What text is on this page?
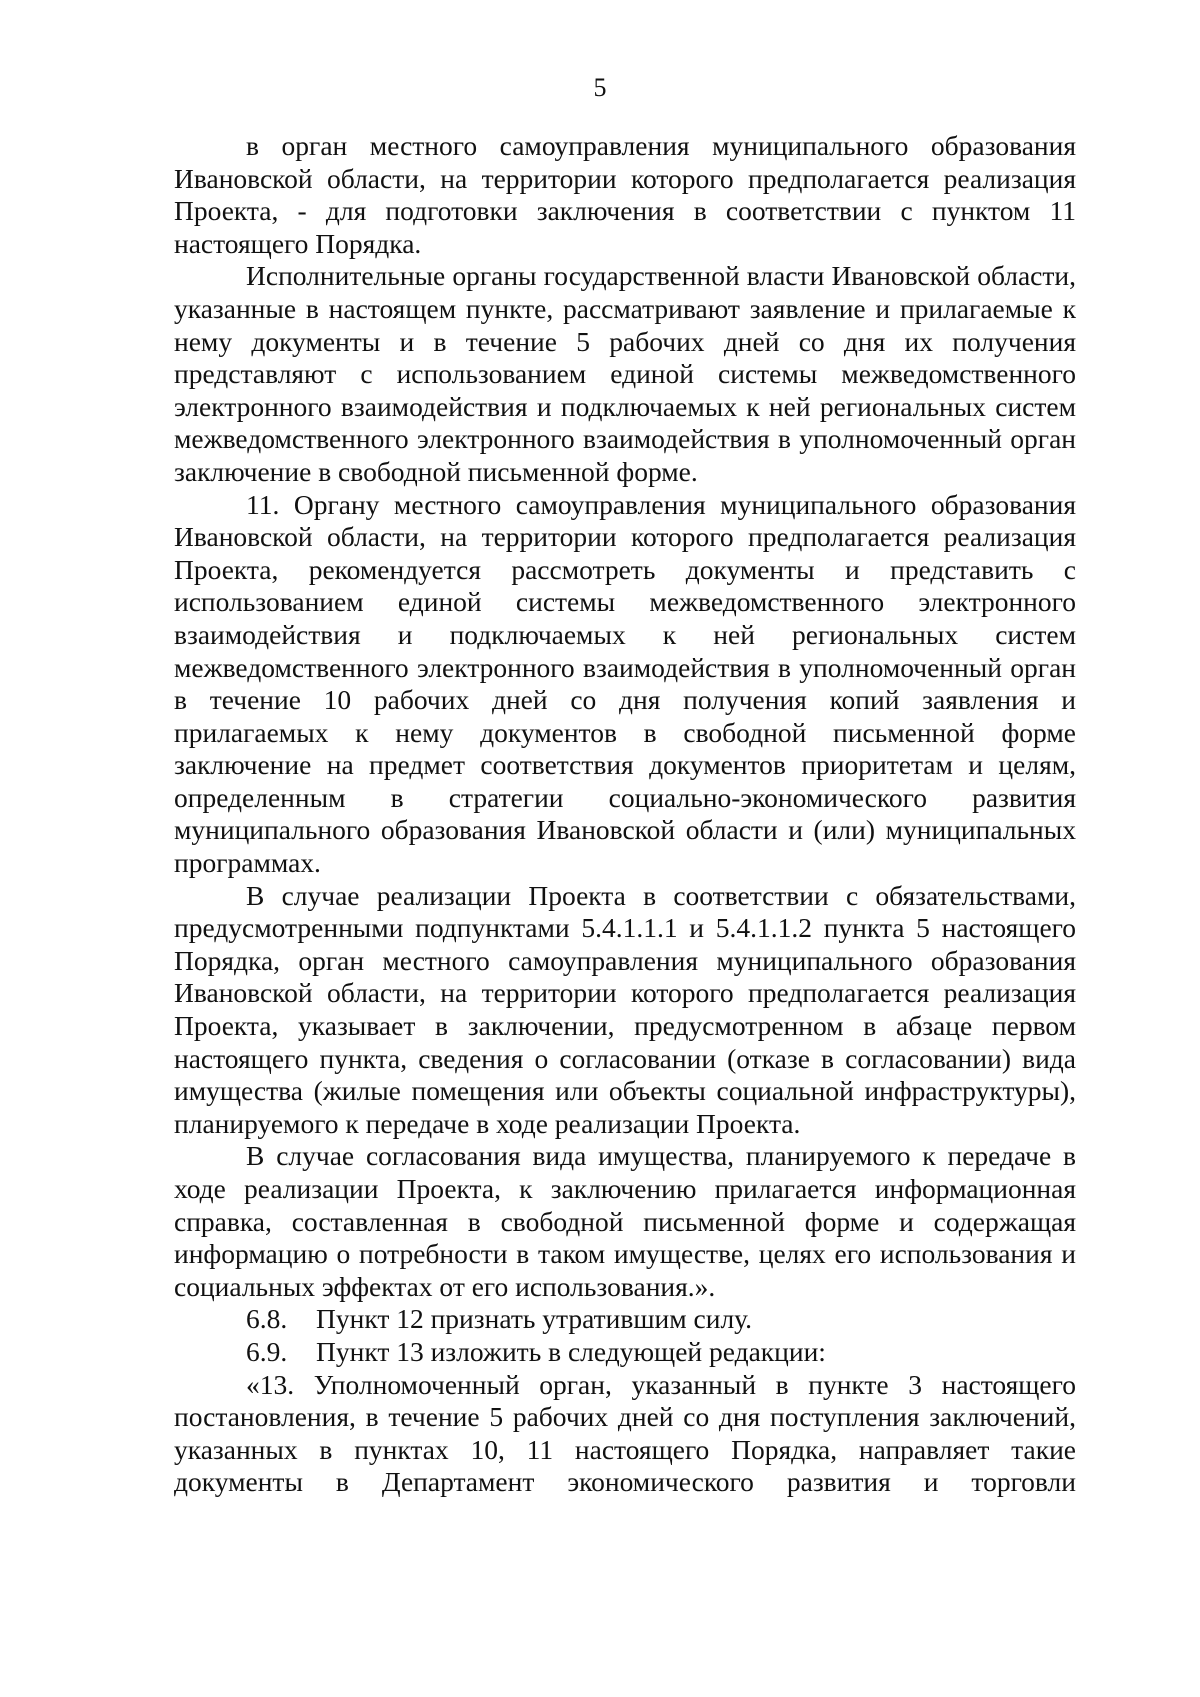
5

в орган местного самоуправления муниципального образования Ивановской области, на территории которого предполагается реализация Проекта, - для подготовки заключения в соответствии с пунктом 11 настоящего Порядка.

Исполнительные органы государственной власти Ивановской области, указанные в настоящем пункте, рассматривают заявление и прилагаемые к нему документы и в течение 5 рабочих дней со дня их получения представляют с использованием единой системы межведомственного электронного взаимодействия и подключаемых к ней региональных систем межведомственного электронного взаимодействия в уполномоченный орган заключение в свободной письменной форме.

11. Органу местного самоуправления муниципального образования Ивановской области, на территории которого предполагается реализация Проекта, рекомендуется рассмотреть документы и представить с использованием единой системы межведомственного электронного взаимодействия и подключаемых к ней региональных систем межведомственного электронного взаимодействия в уполномоченный орган в течение 10 рабочих дней со дня получения копий заявления и прилагаемых к нему документов в свободной письменной форме заключение на предмет соответствия документов приоритетам и целям, определенным в стратегии социально-экономического развития муниципального образования Ивановской области и (или) муниципальных программах.

В случае реализации Проекта в соответствии с обязательствами, предусмотренными подпунктами 5.4.1.1.1 и 5.4.1.1.2 пункта 5 настоящего Порядка, орган местного самоуправления муниципального образования Ивановской области, на территории которого предполагается реализация Проекта, указывает в заключении, предусмотренном в абзаце первом настоящего пункта, сведения о согласовании (отказе в согласовании) вида имущества (жилые помещения или объекты социальной инфраструктуры), планируемого к передаче в ходе реализации Проекта.

В случае согласования вида имущества, планируемого к передаче в ходе реализации Проекта, к заключению прилагается информационная справка, составленная в свободной письменной форме и содержащая информацию о потребности в таком имуществе, целях его использования и социальных эффектах от его использования.».

6.8. Пункт 12 признать утратившим силу.

6.9. Пункт 13 изложить в следующей редакции:

«13. Уполномоченный орган, указанный в пункте 3 настоящего постановления, в течение 5 рабочих дней со дня поступления заключений, указанных в пунктах 10, 11 настоящего Порядка, направляет такие документы в Департамент экономического развития и торговли
